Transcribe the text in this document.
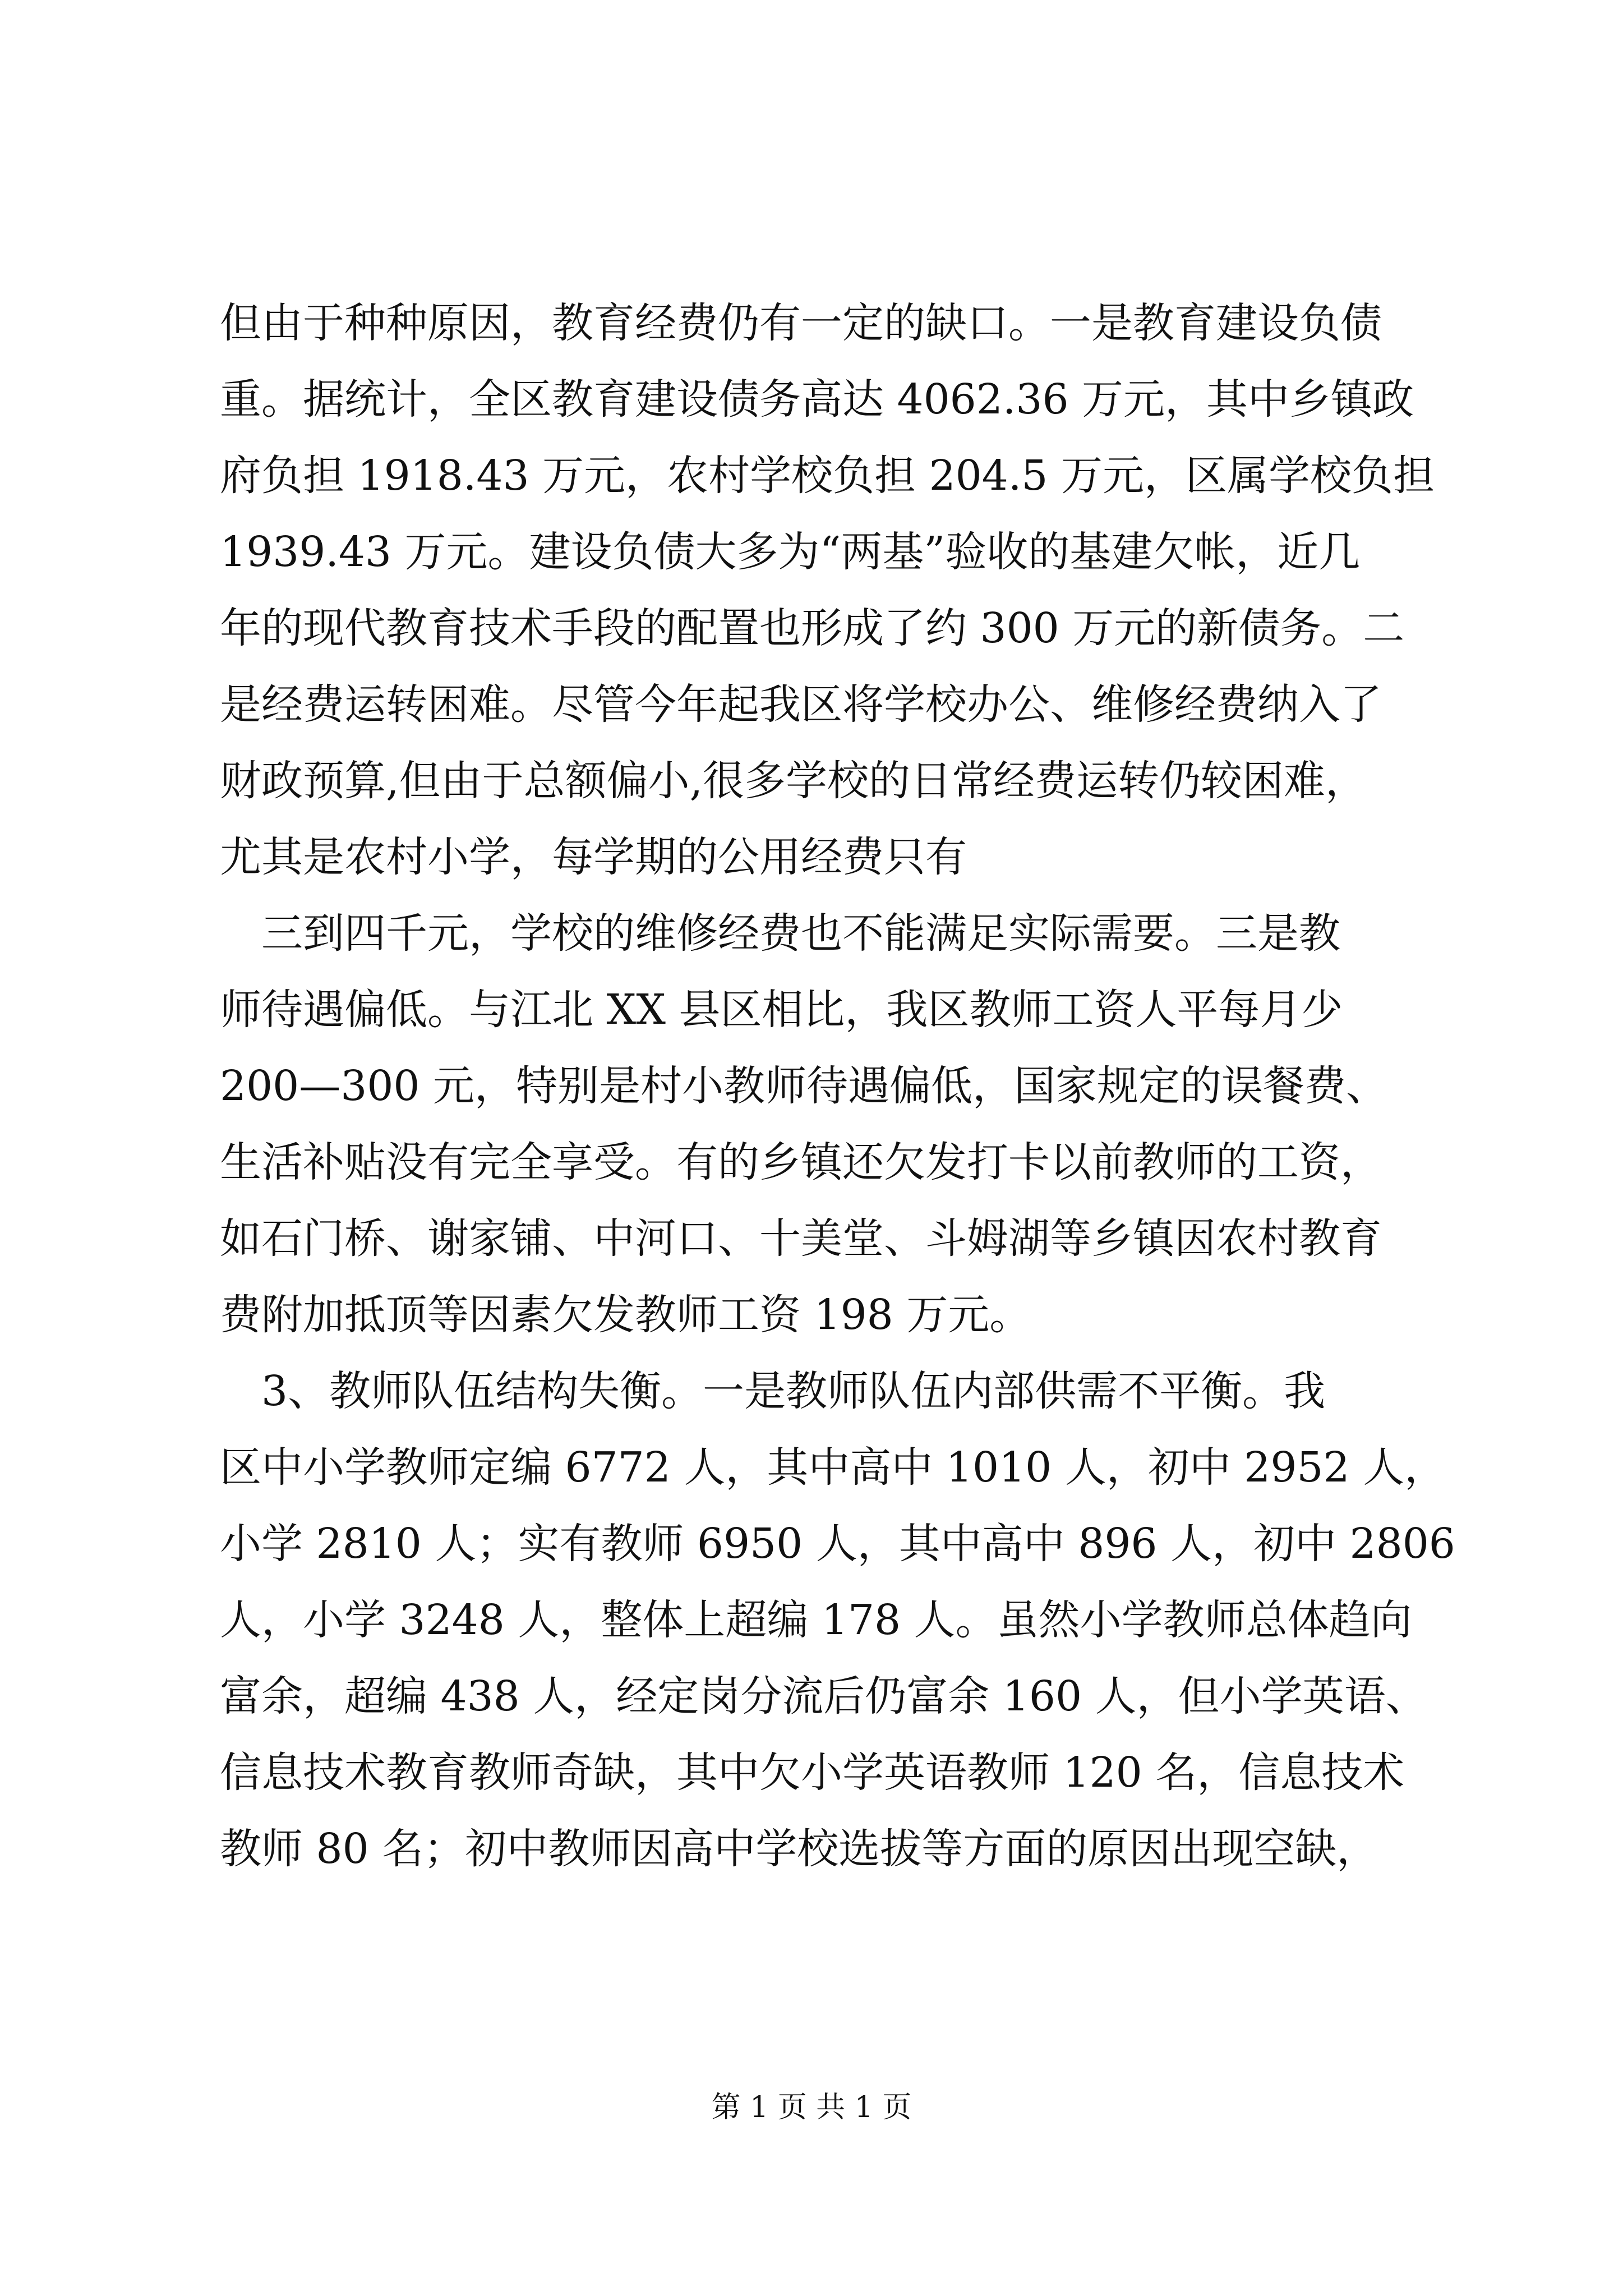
但由于种种原因，教育经费仍有一定的缺口。一是教育建设负债
重。据统计，全区教育建设债务高达 4062.36 万元，其中乡镇政
府负担 1918.43 万元，农村学校负担 204.5 万元，区属学校负担
1939.43 万元。建设负债大多为“两基”验收的基建欠帐，近几
年的现代教育技术手段的配置也形成了约 300 万元的新债务。二
是经费运转困难。尽管今年起我区将学校办公、维修经费纳入了
财政预算,但由于总额偏小,很多学校的日常经费运转仍较困难，
尤其是农村小学，每学期的公用经费只有
　三到四千元，学校的维修经费也不能满足实际需要。三是教
师待遇偏低。与江北 XX 县区相比，我区教师工资人平每月少
200—300 元，特别是村小教师待遇偏低，国家规定的误餐费、
生活补贴没有完全享受。有的乡镇还欠发打卡以前教师的工资，
如石门桥、谢家铺、中河口、十美堂、斗姆湖等乡镇因农村教育
费附加抵顶等因素欠发教师工资 198 万元。
　3、教师队伍结构失衡。一是教师队伍内部供需不平衡。我
区中小学教师定编 6772 人，其中高中 1010 人，初中 2952 人，
小学 2810 人；实有教师 6950 人，其中高中 896 人，初中 2806
人，小学 3248 人，整体上超编 178 人。虽然小学教师总体趋向
富余，超编 438 人，经定岗分流后仍富余 160 人，但小学英语、
信息技术教育教师奇缺，其中欠小学英语教师 120 名，信息技术
教师 80 名；初中教师因高中学校选拔等方面的原因出现空缺，
第 1 页 共 1 页
